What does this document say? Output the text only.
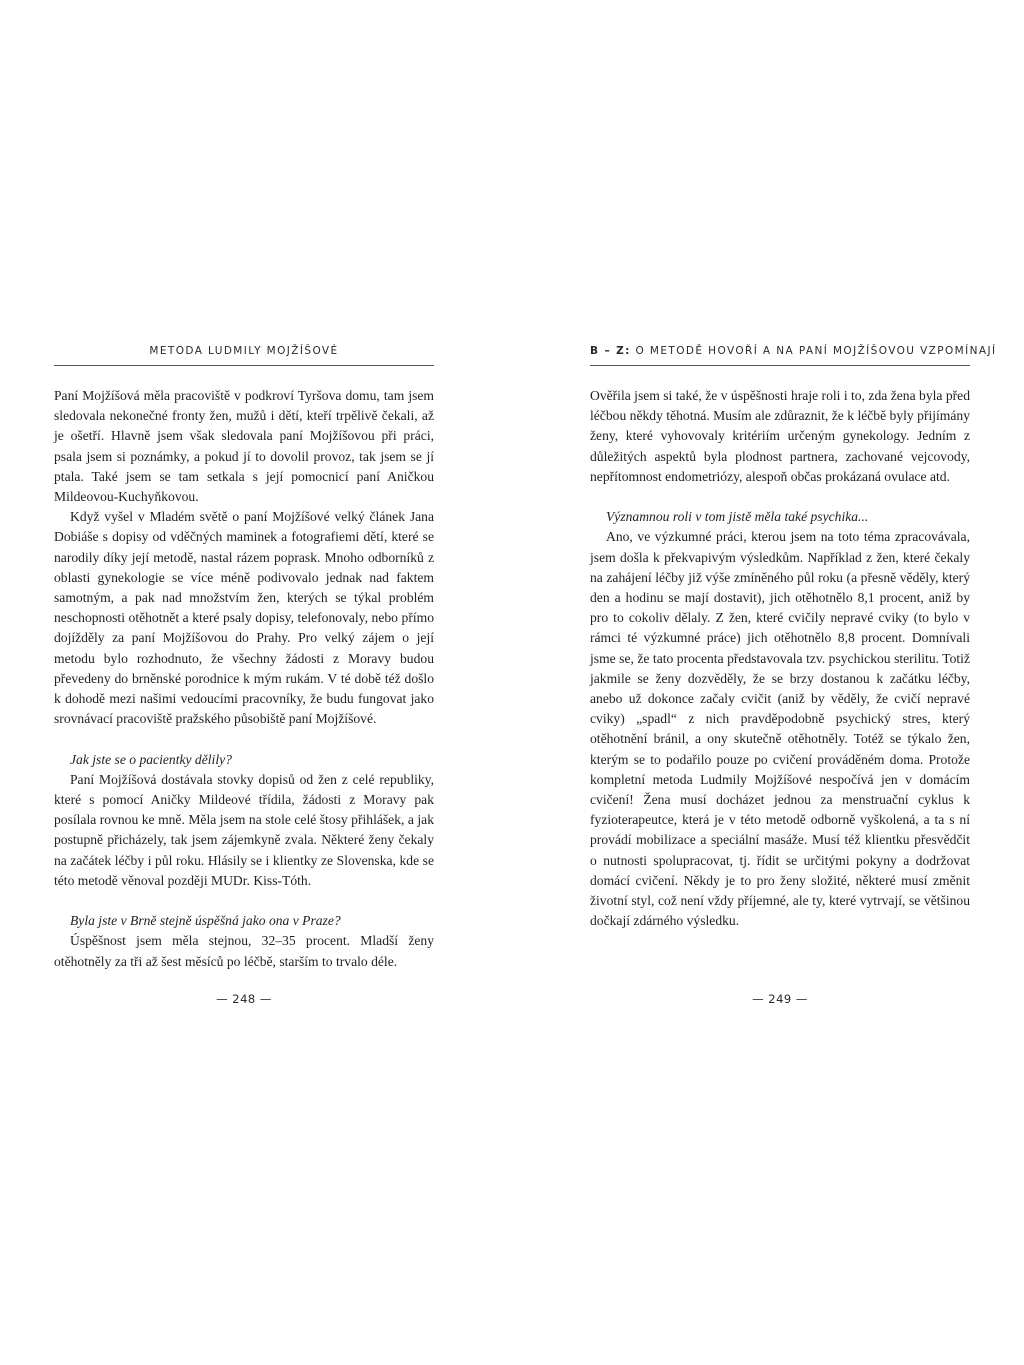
METODA LUDMILY MOJŽÍŠOVÉ

Paní Mojžíšová měla pracoviště v podkroví Tyršova domu, tam jsem sledovala nekonečné fronty žen, mužů i dětí, kteří trpělivě čekali, až je ošetří. Hlavně jsem však sledovala paní Mojžíšovou při práci, psala jsem si poznámky, a pokud jí to dovolil provoz, tak jsem se jí ptala. Také jsem se tam setkala s její pomocnicí paní Aničkou Mildeovou-Kuchyňkovou.

Když vyšel v Mladém světě o paní Mojžíšové velký článek Jana Dobiáše s dopisy od vděčných maminek a fotografiemi dětí, které se narodily díky její metodě, nastal rázem poprask. Mnoho odborníků z oblasti gynekologie se více méně podivovalo jednak nad faktem samotným, a pak nad množstvím žen, kterých se týkal problém neschopnosti otěhotnět a které psaly dopisy, telefonovaly, nebo přímo dojížděly za paní Mojžíšovou do Prahy. Pro velký zájem o její metodu bylo rozhodnuto, že všechny žádosti z Moravy budou převedeny do brněnské porodnice k mým rukám. V té době též došlo k dohodě mezi našimi vedoucími pracovníky, že budu fungovat jako srovnávací pracoviště pražského působiště paní Mojžíšové.

Jak jste se o pacientky dělily?

Paní Mojžíšová dostávala stovky dopisů od žen z celé republiky, které s pomocí Aničky Mildeové třídila, žádosti z Moravy pak posílala rovnou ke mně. Měla jsem na stole celé štosy přihlášek, a jak postupně přicházely, tak jsem zájemkyně zvala. Některé ženy čekaly na začátek léčby i půl roku. Hlásily se i klientky ze Slovenska, kde se této metodě věnoval později MUDr. Kiss-Tóth.

Byla jste v Brně stejně úspěšná jako ona v Praze?

Úspěšnost jsem měla stejnou, 32–35 procent. Mladší ženy otěhotněly za tři až šest měsíců po léčbě, starším to trvalo déle.

— 248 —
B – Z: O METODĚ HOVOŘÍ A NA PANÍ MOJŽÍŠOVOU VZPOMÍNAJÍ

Ověřila jsem si také, že v úspěšnosti hraje roli i to, zda žena byla před léčbou někdy těhotná. Musím ale zdůraznit, že k léčbě byly přijímány ženy, které vyhovovaly kritériím určeným gynekology. Jedním z důležitých aspektů byla plodnost partnera, zachované vejcovody, nepřítomnost endometriózy, alespoň občas prokázaná ovulace atd.

Významnou roli v tom jistě měla také psychika...

Ano, ve výzkumné práci, kterou jsem na toto téma zpracovávala, jsem došla k překvapivým výsledkům. Například z žen, které čekaly na zahájení léčby již výše zmíněného půl roku (a přesně věděly, který den a hodinu se mají dostavit), jich otěhotnělo 8,1 procent, aniž by pro to cokoliv dělaly. Z žen, které cvičily nepravé cviky (to bylo v rámci té výzkumné práce) jich otěhotnělo 8,8 procent. Domnívali jsme se, že tato procenta představovala tzv. psychickou sterilitu. Totiž jakmile se ženy dozvěděly, že se brzy dostanou k začátku léčby, anebo už dokonce začaly cvičit (aniž by věděly, že cvičí nepravé cviky) „spadl“ z nich pravděpodobně psychický stres, který otěhotnění bránil, a ony skutečně otěhotněly. Totéž se týkalo žen, kterým se to podařilo pouze po cvičení prováděném doma. Protože kompletní metoda Ludmily Mojžíšové nespočívá jen v domácím cvičení! Žena musí docházet jednou za menstruační cyklus k fyzioterapeutce, která je v této metodě odborně vyškolená, a ta s ní provádí mobilizace a speciální masáže. Musí též klientku přesvědčit o nutnosti spolupracovat, tj. řídit se určitými pokyny a dodržovat domácí cvičení. Někdy je to pro ženy složité, některé musí změnit životní styl, což není vždy příjemné, ale ty, které vytrvají, se většinou dočkají zdárného výsledku.

— 249 —
